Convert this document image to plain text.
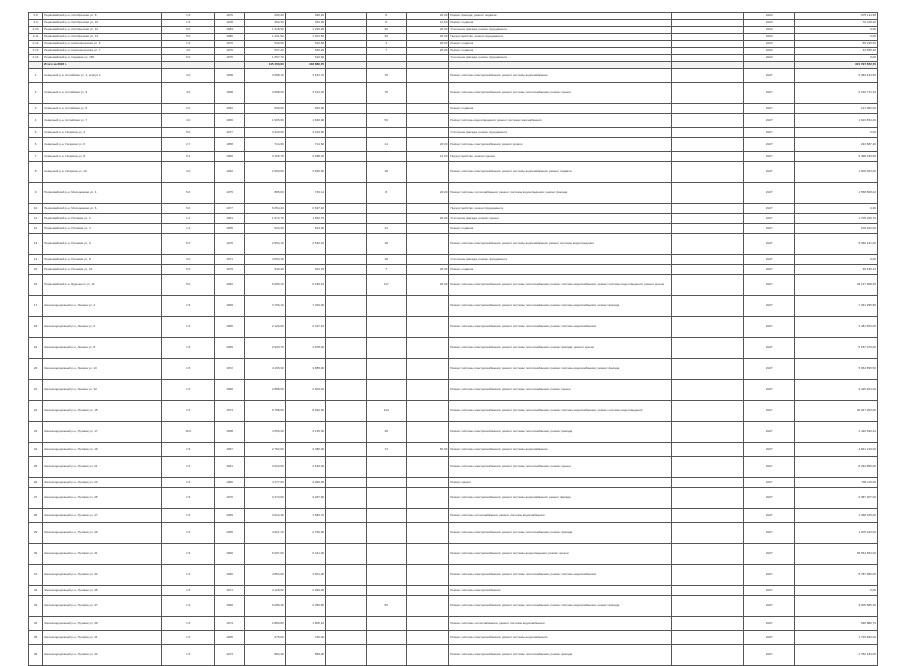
2.8	Первомайский р-н, Октябрьская ул, 8	1.5	1976	695,20	695,20		8	20,00	Ремонт фасада; ремонт подвала		2023	875 114,58
2.9	Первомайский р-н, Октябрьская ул, 10	1.5	1978	454,30	454,30		8	12,50	Ремонт подвала		2023	70 318,46
2.10	Первомайский р-н, Октябрьская ул, 12	5.0	1984	1 418,50	1 290,90		30	20,00	Утепление фасада; ремонт фундамента		2023	0,00
2.11	Первомайский р-н, Октябрьская ул, 14	5.0	1986	1 431,50	1 301,50		30	20,00	Переустройство, ремонт фундамента		2023	0,00
2.12	Первомайский р-н, Комсомольская ул, 5	1.5	1976	540,50	520,50		3	20,00	Ремонт подвала		2023	55 235,50
2.13	Первомайский р-н, Комсомольская ул, 7	4.0	1976	537,20	520,20		7	20,00	Ремонт подвала		2023	44 565,30
2.14	Первомайский р-н, Садовая ул, 165	5.0	1976	1 657,70	620,90				Утепление фасада, ремонт фундамента		2023	0,00
	Итого за 2023 г.			115 150,00	103 860,70							315 797 872,70
1	Северный р-н, Алтайская ул, 1, корпус 2	4.0	1968	3 688,10	3 512,70		78		Ремонт системы электроснабжения; ремонт системы водоснабжения		2027	6 383 644,50
2	Северный р-н, Алтайская ул, 3	4.0	1968	3 688,20	3 512,20		78		Ремонт системы электроснабжения; ремонт системы теплоснабжения; ремонт крыши		2027	6 159 772,16
3	Северный р-н, Алтайская ул, 5	2.0	1952	690,00	660,00				Ремонт подвала		2027	121 952,00
4	Северный р-н, Алтайская ул, 7	4.0	1966	1 965,60	1 846,00		56		Ремонт системы водоотведения; ремонт системы газоснабжения		2027	1 623 654,00
5	Северный р-н, Гагарина ул, 4	5.0	1977	3 420,50	3 223,60				Утепление фасада; ремонт фундамента		2027	0,00
6	Северный р-н, Гагарина ул, 6	2.7	1958	714,60	714,60		14	20,00	Ремонт системы электроснабжения; ремонт кровли		2027	294 687,40
7	Северный р-н, Гагарина ул, 8	5.2	1966	3 165,70	2 998,20			12,00	Переустройство, ремонт крыши		2027	9 498 439,50
8	Северный р-н, Гагарина ул, 10	4.0	1962	2 990,60	2 990,60		18		Ремонт системы электроснабжения; ремонт системы водоснабжения; ремонт подвала		2027	1 506 904,00
9	Первомайский р-н, Молодежная ул, 4	5.0	1975	885,00	746,14		8	20,00	Ремонт системы теплоснабжения; ремонт системы водоотведения; ремонт фасада		2027	1 558 808,42
10	Первомайский р-н, Молодежная ул, 6	5.0	1977	6 654,20	6 697,40				Переустройство, ремонт фундамента		2027	0,00
11	Первомайский р-н, Полевая ул, 2	1.2	1951	1 672,70	1 562,70			20,00	Утепление фасада; ремонт крыши		2027	1 705 226,70
12	Первомайский р-н, Полевая ул, 4	1.2	1955	524,30	524,30		12		Ремонт подвала		2027	106 162,00
13	Первомайский р-н, Полевая ул, 6	5.0	1970	2 554,10	2 532,10		18		Ремонт системы электроснабжения; ремонт системы водоснабжения; ремонт системы водоотведения		2027	6 960 121,00
14	Первомайский р-н, Полевая ул, 8	3.0	1971	4 054,15			18		Утепление фасада, ремонт фундамента		2027	0,00
15	Первомайский р-н, Полевая ул, 10	5.0	1979	940,20	944,70		7	20,00	Ремонт подвала		2027	90 446,33
16	Первомайский р-н, Буденного ул, 12	5.0	1962	6 685,10	6 180,10		117	20,00	Ремонт системы электроснабжения; ремонт системы теплоснабжения; ремонт системы водоснабжения; ремонт системы водоотведения; ремонт крыши		2027	49 137 668,25
17	Железнодорожный р-н, Ленина ул, 4	1.5	1969	3 766,10	7 320,00				Ремонт системы электроснабжения; ремонт системы теплоснабжения; ремонт системы водоснабжения; ремонт фасада		2027	7 391 995,80
18	Железнодорожный р-н, Ленина ул, 6	1.6	1965	2 120,60	2 427,10				Ремонт системы электроснабжения; ремонт системы теплоснабжения; ремонт системы водоснабжения		2027	3 481 563,00
19	Железнодорожный р-н, Ленина ул, 8	1.5	1969	2 930,70	2 878,00				Ремонт системы электроснабжения; ремонт системы теплоснабжения; ремонт фасада; ремонт крыши		2027	5 187 979,00
20	Железнодорожный р-н, Ленина ул, 10	1.5	1972	4 165,30	3 885,00				Ремонт системы электроснабжения; ремонт системы теплоснабжения; ремонт системы водоснабжения; ремонт фасада		2027	5 654 895,50
21	Железнодорожный р-н, Ленина ул, 12	1.5	1966	2 888,50	2 603,40				Ремонт системы электроснабжения; ремонт системы теплоснабжения; ремонт крыши		2027	3 425 664,00
22	Железнодорожный р-н, Луговая ул, 15	1.5	1974	9 788,60	8 922,30		144		Ремонт системы электроснабжения; ремонт системы теплоснабжения; ремонт системы водоснабжения; ремонт системы водоотведения		2027	40 947 253,00
23	Железнодорожный р-н, Луговая ул, 17	16.0	1958	4 556,20	2 135,00		48		Ремонт системы электроснабжения; ремонт системы теплоснабжения; ремонт фасада		2027	2 440 590,42
24	Железнодорожный р-н, Луговая ул, 19	1.5	1957	2 752,60	3 480,00		72	60,00	Ремонт системы электроснабжения; ремонт системы водоснабжения		2027	4 821 219,00
25	Железнодорожный р-н, Луговая ул, 21	1.5	1961	3 024,60	2 640,00				Ремонт системы электроснабжения; ремонт системы теплоснабжения; ремонт крыши		2027	8 294 895,00
26	Железнодорожный р-н, Луговая ул, 23	1.5	1960	4 177,00	3 990,00				Ремонт крыши		2027	790 115,00
27	Железнодорожный р-н, Луговая ул, 25	1.5	1970	3 473,60	3 267,60				Ремонт системы электроснабжения; ремонт системы водоснабжения; ремонт фасада		2027	6 087 307,00
28	Железнодорожный р-н, Луговая ул, 27	1.6	1969	3 024,40	1 683,70				Ремонт системы теплоснабжения; ремонт системы водоснабжения		2027	1 468 165,00
29	Железнодорожный р-н, Луговая ул, 29	1.6	1965	4 621,10	2 760,00				Ремонт системы электроснабжения; ремонт системы теплоснабжения; ремонт фасада		2027	1 205 420,00
30	Железнодорожный р-н, Луговая ул, 31	1.5	1966	6 097,60	6 441,00				Ремонт системы электроснабжения; ремонт системы водоотведения; ремонт крыши		2027	45 564 834,00
31	Железнодорожный р-н, Луговая ул, 33	1.6	1966	4 854,60	3 501,00				Ремонт системы электроснабжения; ремонт системы теплоснабжения; ремонт системы водоснабжения		2027	8 787 980,00
32	Железнодорожный р-н, Луговая ул, 35	1.5	1971	3 128,00	2 093,00				Ремонт системы электроснабжения		2027	0,00
33	Железнодорожный р-н, Луговая ул, 37	1.6	1966	6 089,40	2 356,80		56		Ремонт системы электроснабжения; ремонт системы теплоснабжения; ремонт системы водоснабжения; ремонт фасада		2027	9 609 685,30
34	Железнодорожный р-н, Луговая ул, 39	1.5	1974	2 880,80	1 805,10				Ремонт системы теплоснабжения; ремонт системы водоснабжения		2027	548 886,70
35	Железнодорожный р-н, Луговая ул, 41	1.5	1965	675,00	740,00				Ремонт системы электроснабжения; ремонт системы водоснабжения		2027	1 736 830,00
36	Железнодорожный р-н, Луговая ул, 43	1.5	1974	884,30	868,00				Ремонт системы электроснабжения; ремонт системы теплоснабжения; ремонт фасада		2027	2 782 184,00
